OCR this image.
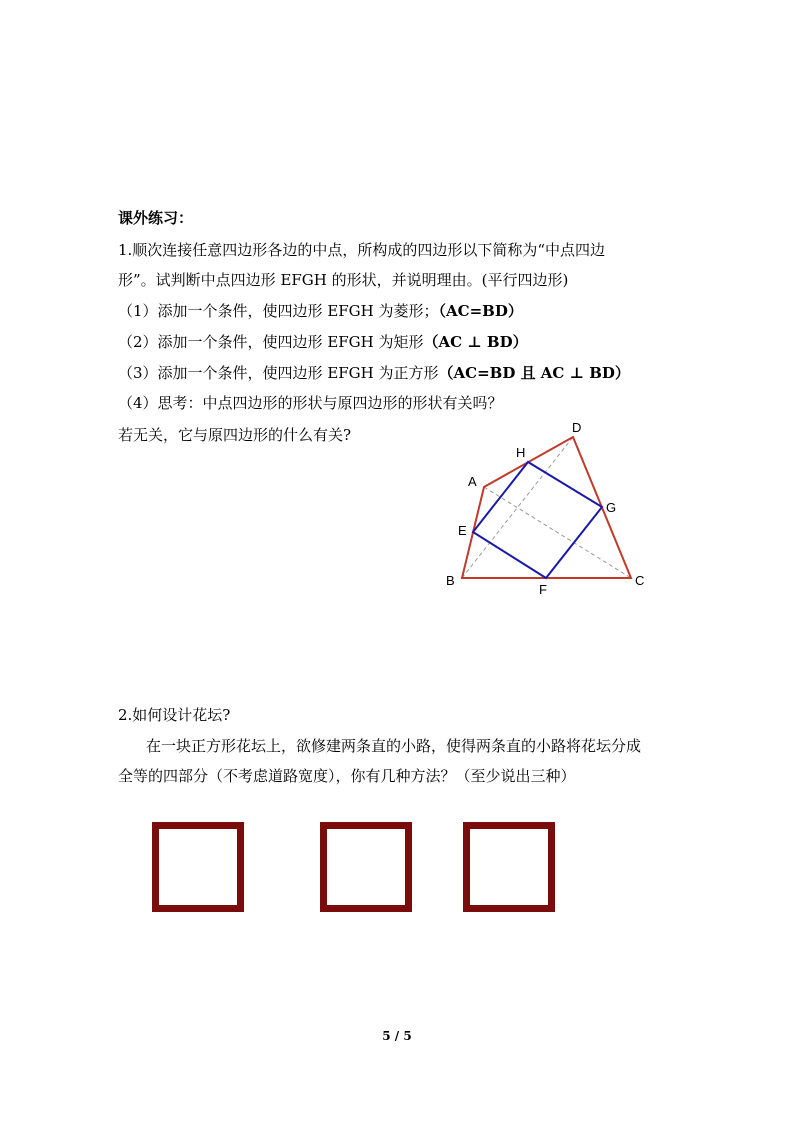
课外练习：
1.顺次连接任意四边形各边的中点，所构成的四边形以下简称为“中点四边
形”。试判断中点四边形 EFGH 的形状，并说明理由。(平行四边形)
（1）添加一个条件，使四边形 EFGH 为菱形；（AC=BD）
（2）添加一个条件，使四边形 EFGH 为矩形（AC ⊥ BD）
（3）添加一个条件，使四边形 EFGH 为正方形（AC=BD 且 AC ⊥ BD）
（4）思考：中点四边形的形状与原四边形的形状有关吗？
若无关，它与原四边形的什么有关?
A
B	C
D
E
F
G
H
2.如何设计花坛?
在一块正方形花坛上，欲修建两条直的小路，使得两条直的小路将花坛分成
全等的四部分（不考虑道路宽度），你有几种方法？（至少说出三种）
5 / 5
